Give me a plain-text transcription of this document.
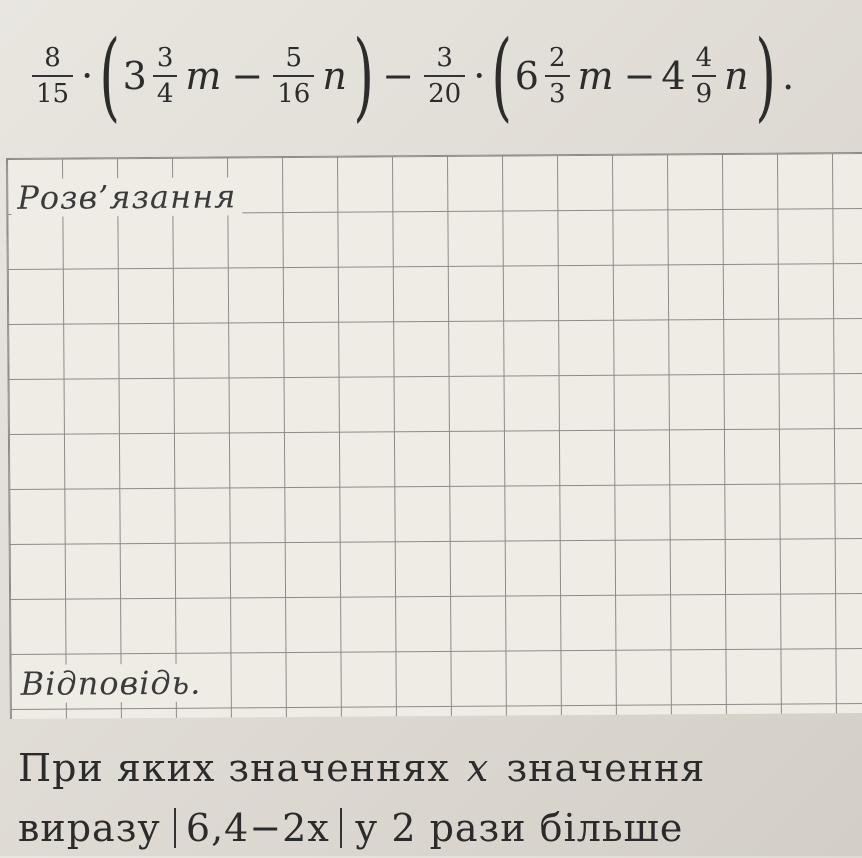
$\frac{8}{15}$ · ( $3 \frac{3}{4}$ $m - \frac{5}{16}$ n ) − $\frac{3}{20}$ · ( $6 \frac{2}{3}$ $m - 4 \frac{4}{9}$ n ) .
Розв’язання
Відповідь.
При яких значеннях x значення
виразу 6,4−2x у 2 рази більше
